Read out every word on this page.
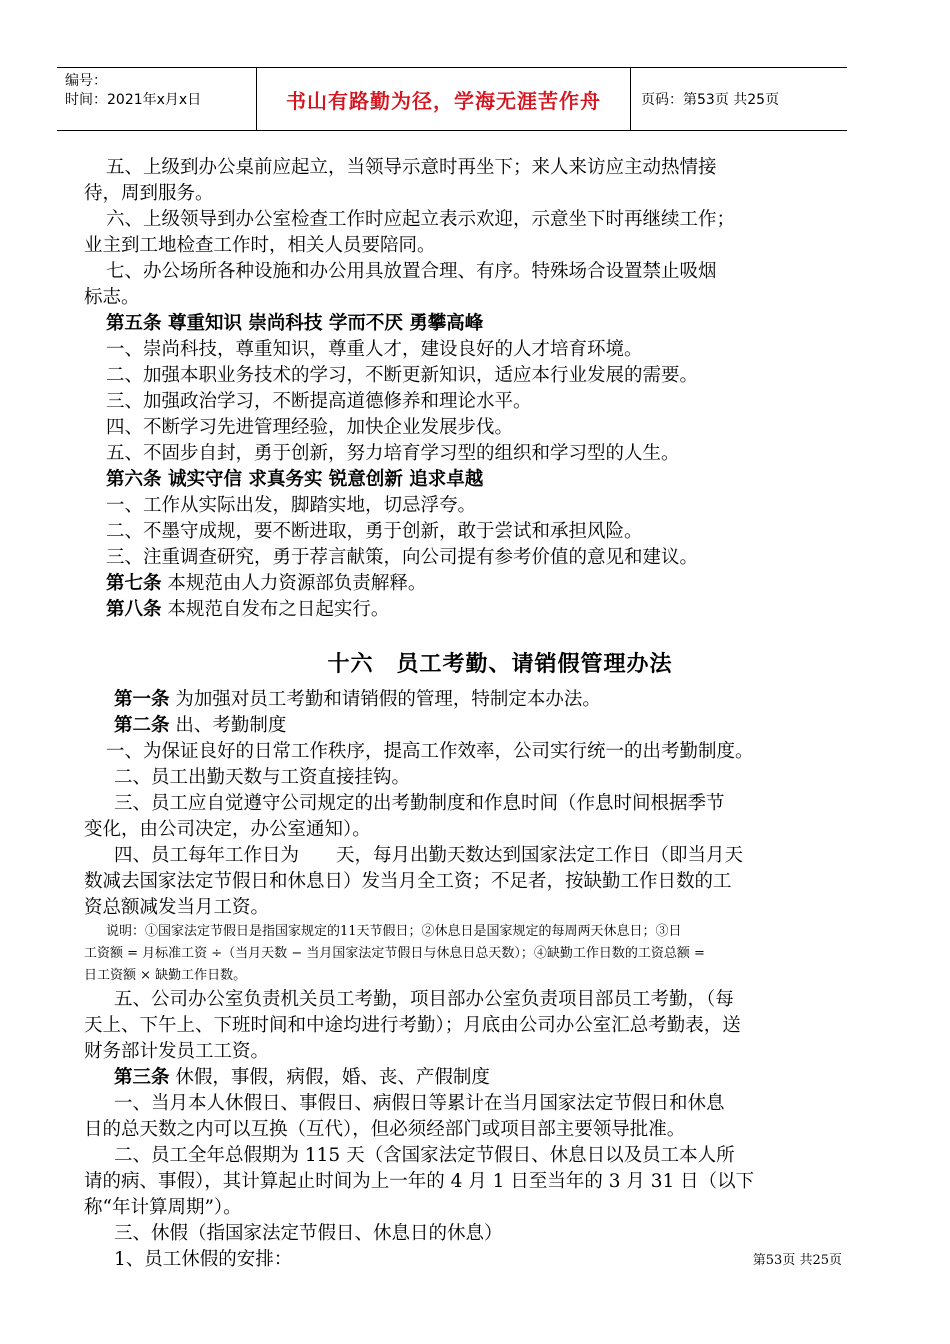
编号：
时间：2021年x月x日	书山有路勤为径，学海无涯苦作舟	页码：第53页 共25页
五、上级到办公桌前应起立，当领导示意时再坐下；来人来访应主动热情接
待，周到服务。
六、上级领导到办公室检查工作时应起立表示欢迎，示意坐下时再继续工作；
业主到工地检查工作时，相关人员要陪同。
七、办公场所各种设施和办公用具放置合理、有序。特殊场合设置禁止吸烟
标志。
第五条 尊重知识 崇尚科技 学而不厌 勇攀高峰
一、崇尚科技，尊重知识，尊重人才，建设良好的人才培育环境。
二、加强本职业务技术的学习，不断更新知识，适应本行业发展的需要。
三、加强政治学习，不断提高道德修养和理论水平。
四、不断学习先进管理经验，加快企业发展步伐。
五、不固步自封，勇于创新，努力培育学习型的组织和学习型的人生。
第六条 诚实守信 求真务实 锐意创新 追求卓越
一、工作从实际出发，脚踏实地，切忌浮夸。
二、不墨守成规，要不断进取，勇于创新，敢于尝试和承担风险。
三、注重调查研究，勇于荐言献策，向公司提有参考价值的意见和建议。
第七条 本规范由人力资源部负责解释。
第八条 本规范自发布之日起实行。
十六　员工考勤、请销假管理办法
第一条 为加强对员工考勤和请销假的管理，特制定本办法。
第二条 出、考勤制度
一、为保证良好的日常工作秩序，提高工作效率，公司实行统一的出考勤制度。
二、员工出勤天数与工资直接挂钩。
三、员工应自觉遵守公司规定的出考勤制度和作息时间（作息时间根据季节
变化，由公司决定，办公室通知）。
四、员工每年工作日为　　天，每月出勤天数达到国家法定工作日（即当月天
数减去国家法定节假日和休息日）发当月全工资；不足者，按缺勤工作日数的工
资总额减发当月工资。
说明：①国家法定节假日是指国家规定的11天节假日；②休息日是国家规定的每周两天休息日；③日
工资额 = 月标准工资 ÷（当月天数 − 当月国家法定节假日与休息日总天数）；④缺勤工作日数的工资总额 =
日工资额 × 缺勤工作日数。
五、公司办公室负责机关员工考勤，项目部办公室负责项目部员工考勤，（每
天上、下午上、下班时间和中途均进行考勤）；月底由公司办公室汇总考勤表，送
财务部计发员工工资。
第三条 休假，事假，病假，婚、丧、产假制度
一、当月本人休假日、事假日、病假日等累计在当月国家法定节假日和休息
日的总天数之内可以互换（互代），但必须经部门或项目部主要领导批准。
二、员工全年总假期为 115 天（含国家法定节假日、休息日以及员工本人所
请的病、事假），其计算起止时间为上一年的 4 月 1 日至当年的 3 月 31 日（以下
称“年计算周期”）。
三、休假（指国家法定节假日、休息日的休息）
1、员工休假的安排：	第53页 共25页
